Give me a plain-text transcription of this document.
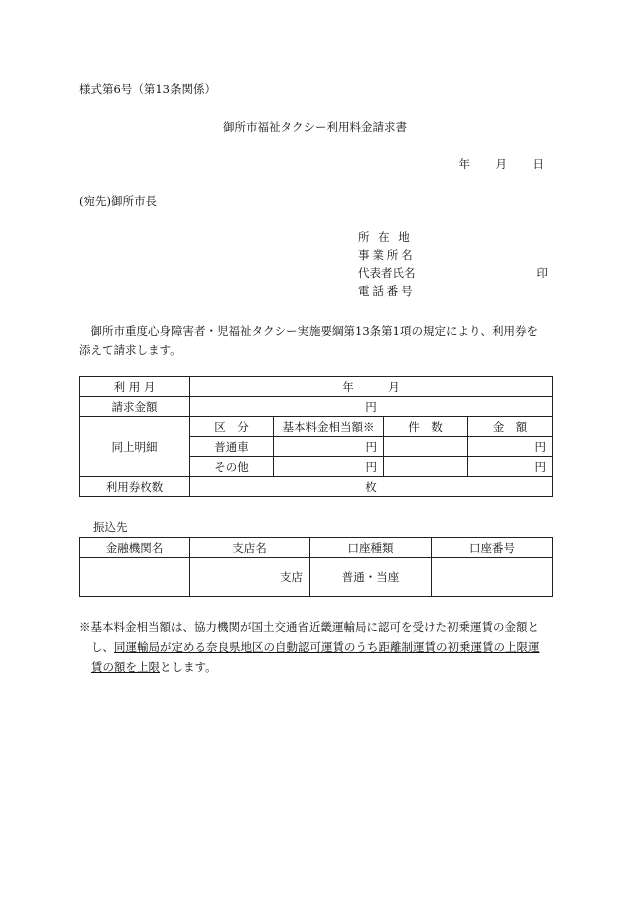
様式第6号（第13条関係）
御所市福祉タクシー利用料金請求書
年 月 日
(宛先)御所市長
所在地
事業所名
代表者氏名	印
電話番号
御所市重度心身障害者・児福祉タクシー実施要綱第13条第1項の規定により、利用券を添えて請求します。
利 用 月	年　　　月			
請求金額	円			
同上明細	区　分	基本料金相当額※	件　数	金　額
	普通車	円		円
	その他	円		円
利用券枚数	枚			
振込先
金融機関名	支店名	口座種類	口座番号
	支店	普通・当座	
※基本料金相当額は、協力機関が国土交通省近畿運輸局に認可を受けた初乗運賃の金額と
し、同運輸局が定める奈良県地区の自動認可運賃のうち距離制運賃の初乗運賃の上限運
賃の額を上限とします。
